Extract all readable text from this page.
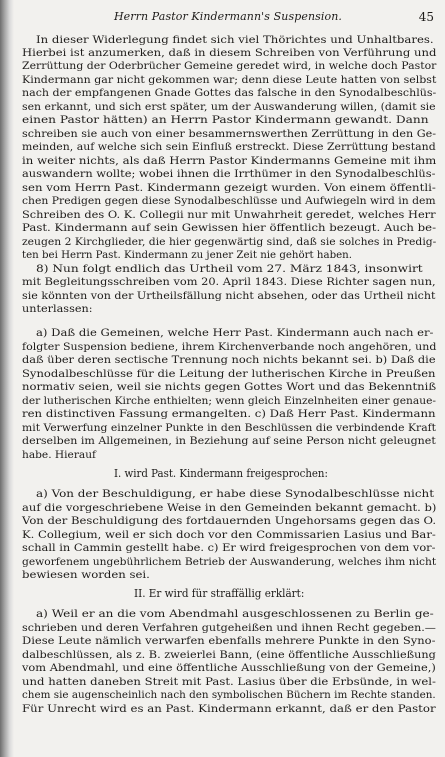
Herrn Pastor Kindermann's Suspension.	45
In dieser Widerlegung findet sich viel Thörichtes und Unhaltbares.
Hierbei ist anzumerken, daß in diesem Schreiben von Verführung und
Zerrüttung der Oderbrücher Gemeine geredet wird, in welche doch Pastor
Kindermann gar nicht gekommen war; denn diese Leute hatten von selbst
nach der empfangenen Gnade Gottes das falsche in den Synodalbeschlüs-
sen erkannt, und sich erst später, um der Auswanderung willen, (damit sie
einen Pastor hätten) an Herrn Pastor Kindermann gewandt. Dann
schreiben sie auch von einer besammernswerthen Zerrüttung in den Ge-
meinden, auf welche sich sein Einfluß erstreckt. Diese Zerrüttung bestand
in weiter nichts, als daß Herrn Pastor Kindermanns Gemeine mit ihm
auswandern wollte; wobei ihnen die Irrthümer in den Synodalbeschlüs-
sen vom Herrn Past. Kindermann gezeigt wurden. Von einem öffentli-
chen Predigen gegen diese Synodalbeschlüsse und Aufwiegeln wird in dem
Schreiben des O. K. Collegii nur mit Unwahrheit geredet, welches Herr
Past. Kindermann auf sein Gewissen hier öffentlich bezeugt. Auch be-
zeugen 2 Kirchglieder, die hier gegenwärtig sind, daß sie solches in Predig-
ten bei Herrn Past. Kindermann zu jener Zeit nie gehört haben.
8) Nun folgt endlich das Urtheil vom 27. März 1843, insonwirt
mit Begleitungsschreiben vom 20. April 1843. Diese Richter sagen nun,
sie könnten von der Urtheilsfällung nicht absehen, oder das Urtheil nicht
unterlassen:
a) Daß die Gemeinen, welche Herr Past. Kindermann auch nach er-
folgter Suspension bediene, ihrem Kirchenverbande noch angehören, und
daß über deren sectische Trennung noch nichts bekannt sei. b) Daß die
Synodalbeschlüsse für die Leitung der lutherischen Kirche in Preußen
normativ seien, weil sie nichts gegen Gottes Wort und das Bekenntniß
der lutherischen Kirche enthielten; wenn gleich Einzelnheiten einer genaue-
ren distinctiven Fassung ermangelten. c) Daß Herr Past. Kindermann
mit Verwerfung einzelner Punkte in den Beschlüssen die verbindende Kraft
derselben im Allgemeinen, in Beziehung auf seine Person nicht geleugnet
habe. Hierauf
I. wird Past. Kindermann freigesprochen:
a) Von der Beschuldigung, er habe diese Synodalbeschlüsse nicht
auf die vorgeschriebene Weise in den Gemeinden bekannt gemacht. b)
Von der Beschuldigung des fortdauernden Ungehorsams gegen das O.
K. Collegium, weil er sich doch vor den Commissarien Lasius und Bar-
schall in Cammin gestellt habe. c) Er wird freigesprochen von dem vor-
geworfenem ungebührlichem Betrieb der Auswanderung, welches ihm nicht
bewiesen worden sei.
II. Er wird für straffällig erklärt:
a) Weil er an die vom Abendmahl ausgeschlossenen zu Berlin ge-
schrieben und deren Verfahren gutgeheißen und ihnen Recht gegeben.—
Diese Leute nämlich verwarfen ebenfalls mehrere Punkte in den Syno-
dalbeschlüssen, als z. B. zweierlei Bann, (eine öffentliche Ausschließung
vom Abendmahl, und eine öffentliche Ausschließung von der Gemeine,)
und hatten daneben Streit mit Past. Lasius über die Erbsünde, in wel-
chem sie augenscheinlich nach den symbolischen Büchern im Rechte standen.
Für Unrecht wird es an Past. Kindermann erkannt, daß er den Pastor
